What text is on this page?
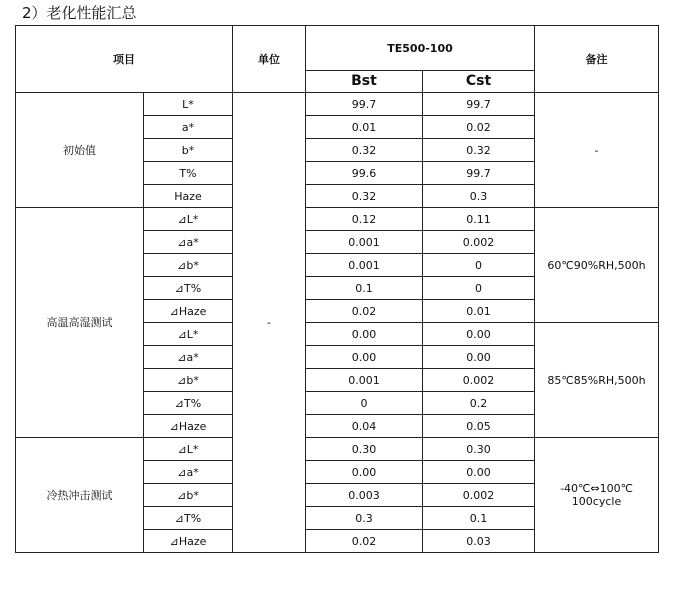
2）老化性能汇总
项目		单位	TE500-100		备注
			Bst	Cst	
初始值	L*	-	99.7	99.7	-
	a*		0.01	0.02	
	b*		0.32	0.32	
	T%		99.6	99.7	
	Haze		0.32	0.3	
高温高湿测试	⊿L*		0.12	0.11	60℃90%RH,500h
	⊿a*		0.001	0.002	
	⊿b*		0.001	0	
	⊿T%		0.1	0	
	⊿Haze		0.02	0.01	
	⊿L*		0.00	0.00	85℃85%RH,500h
	⊿a*		0.00	0.00	
	⊿b*		0.001	0.002	
	⊿T%		0	0.2	
	⊿Haze		0.04	0.05	
冷热冲击测试	⊿L*		0.30	0.30	-40℃⇔100℃
100cycle
	⊿a*		0.00	0.00	
	⊿b*		0.003	0.002	
	⊿T%		0.3	0.1	
	⊿Haze		0.02	0.03	
